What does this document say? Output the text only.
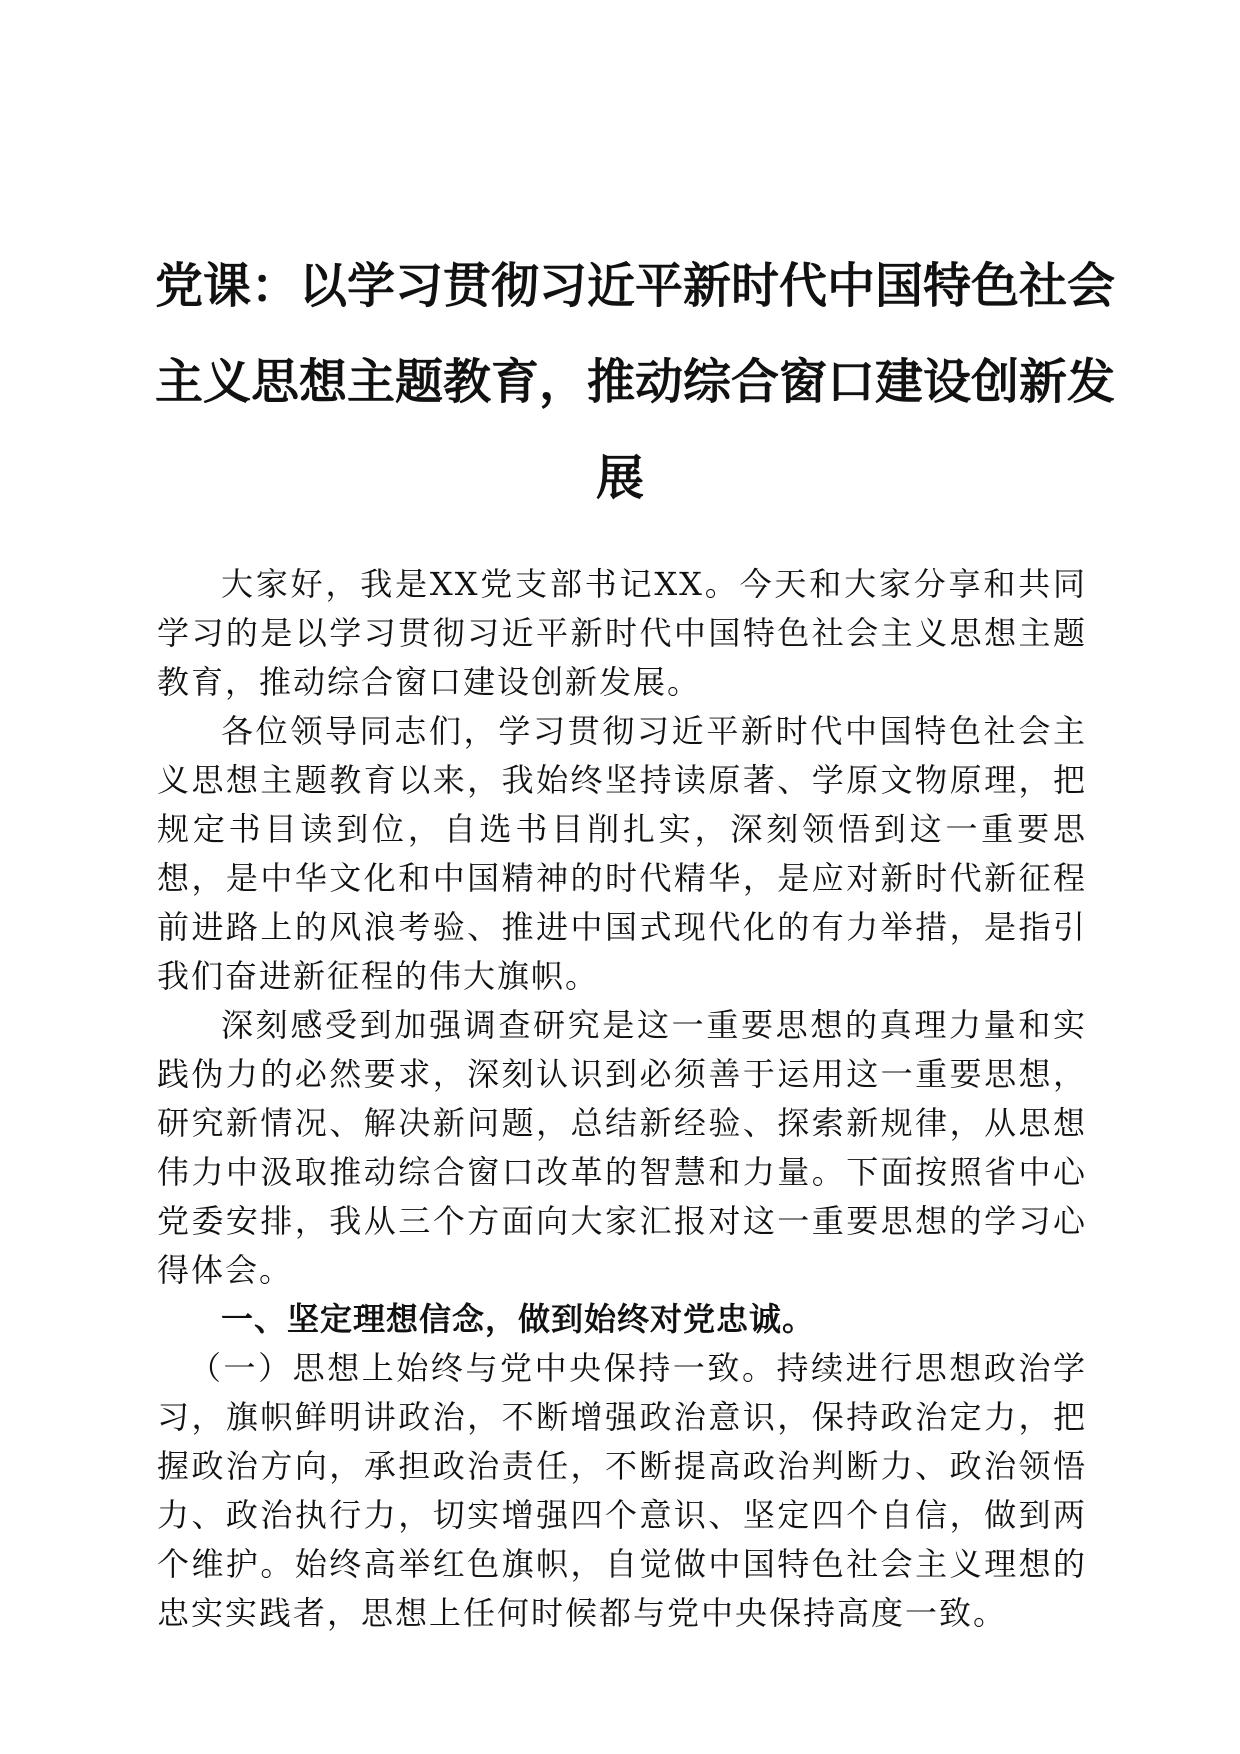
党课：以学习贯彻习近平新时代中国特色社会
主义思想主题教育，推动综合窗口建设创新发
展

大家好，我是XX党支部书记XX。今天和大家分享和共同学习的是以学习贯彻习近平新时代中国特色社会主义思想主题教育，推动综合窗口建设创新发展。

各位领导同志们，学习贯彻习近平新时代中国特色社会主义思想主题教育以来，我始终坚持读原著、学原文物原理，把规定书目读到位，自选书目削扎实，深刻领悟到这一重要思想，是中华文化和中国精神的时代精华，是应对新时代新征程前进路上的风浪考验、推进中国式现代化的有力举措，是指引我们奋进新征程的伟大旗帜。

深刻感受到加强调查研究是这一重要思想的真理力量和实践伪力的必然要求，深刻认识到必须善于运用这一重要思想，研究新情况、解决新问题，总结新经验、探索新规律，从思想伟力中汲取推动综合窗口改革的智慧和力量。下面按照省中心党委安排，我从三个方面向大家汇报对这一重要思想的学习心得体会。

一、坚定理想信念，做到始终对党忠诚。

（一）思想上始终与党中央保持一致。持续进行思想政治学习，旗帜鲜明讲政治，不断增强政治意识，保持政治定力，把握政治方向，承担政治责任，不断提高政治判断力、政治领悟力、政治执行力，切实增强四个意识、坚定四个自信，做到两个维护。始终高举红色旗帜，自觉做中国特色社会主义理想的忠实实践者，思想上任何时候都与党中央保持高度一致。
